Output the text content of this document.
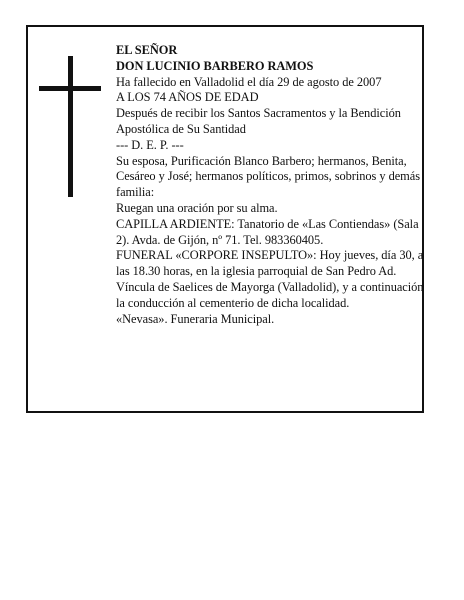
EL SEÑOR

DON LUCINIO BARBERO RAMOS

Ha fallecido en Valladolid el día 29 de agosto de 2007

A LOS 74 AÑOS DE EDAD

Después de recibir los Santos Sacramentos y la Bendición Apostólica de Su Santidad

--- D. E. P. ---

Su esposa, Purificación Blanco Barbero; hermanos, Benita, Cesáreo y José; hermanos políticos, primos, sobrinos y demás familia:

Ruegan una oración por su alma.

CAPILLA ARDIENTE: Tanatorio de «Las Contiendas» (Sala 2). Avda. de Gijón, nº 71. Tel. 983360405.

FUNERAL «CORPORE INSEPULTO»: Hoy jueves, día 30, a las 18.30 horas, en la iglesia parroquial de San Pedro Ad. Víncula de Saelices de Mayorga (Valladolid), y a continuación la conducción al cementerio de dicha localidad.

«Nevasa». Funeraria Municipal.
